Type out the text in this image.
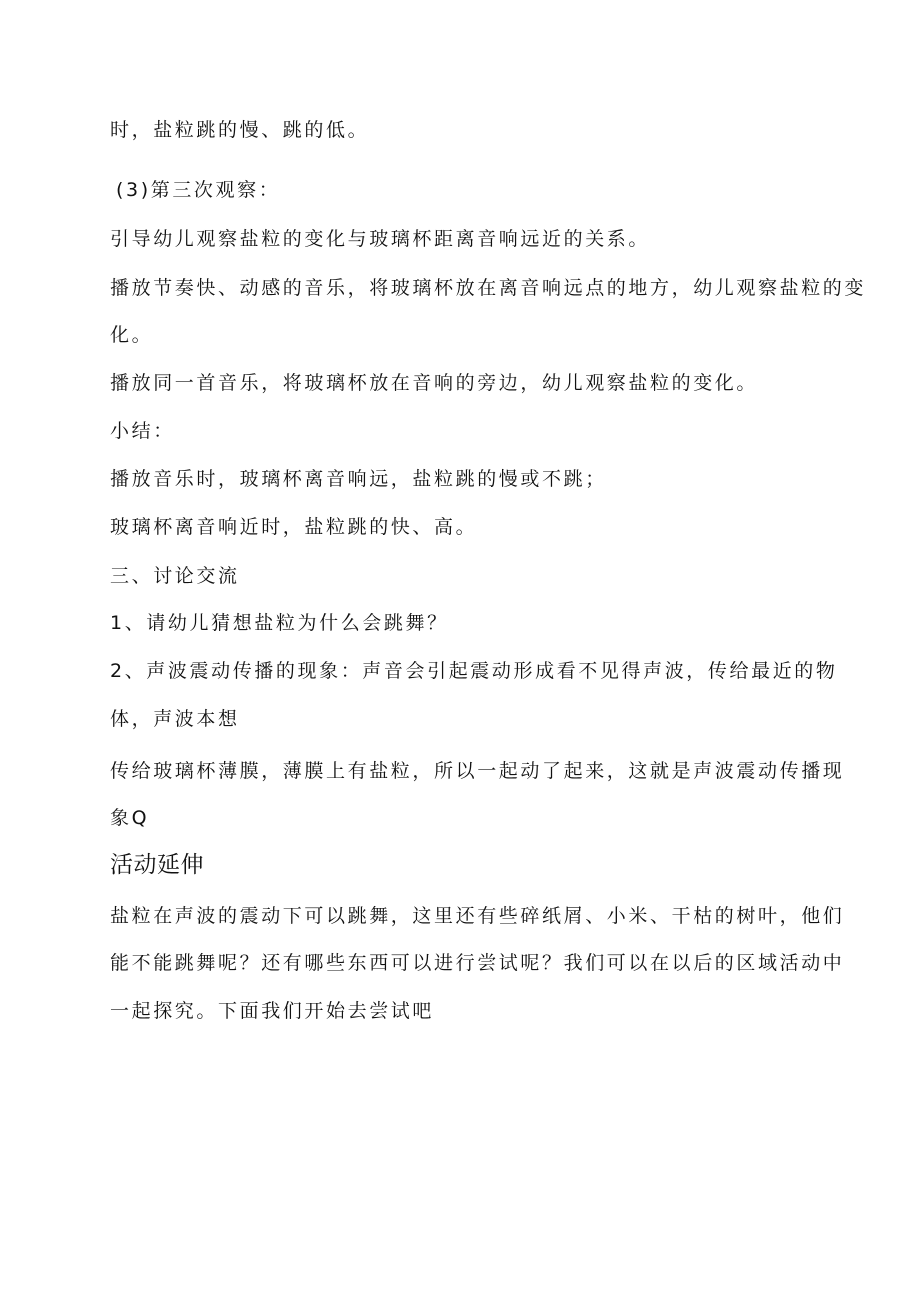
时，盐粒跳的慢、跳的低。
(3)第三次观察：
引导幼儿观察盐粒的变化与玻璃杯距离音响远近的关系。
播放节奏快、动感的音乐，将玻璃杯放在离音响远点的地方，幼儿观察盐粒的变
化。
播放同一首音乐，将玻璃杯放在音响的旁边，幼儿观察盐粒的变化。
小结：
播放音乐时，玻璃杯离音响远，盐粒跳的慢或不跳；
玻璃杯离音响近时，盐粒跳的快、高。
三、讨论交流
1、请幼儿猜想盐粒为什么会跳舞？
2、声波震动传播的现象：声音会引起震动形成看不见得声波，传给最近的物
体，声波本想
传给玻璃杯薄膜，薄膜上有盐粒，所以一起动了起来，这就是声波震动传播现
象Q
活动延伸
盐粒在声波的震动下可以跳舞，这里还有些碎纸屑、小米、干枯的树叶，他们
能不能跳舞呢？还有哪些东西可以进行尝试呢？我们可以在以后的区域活动中
一起探究。下面我们开始去尝试吧
